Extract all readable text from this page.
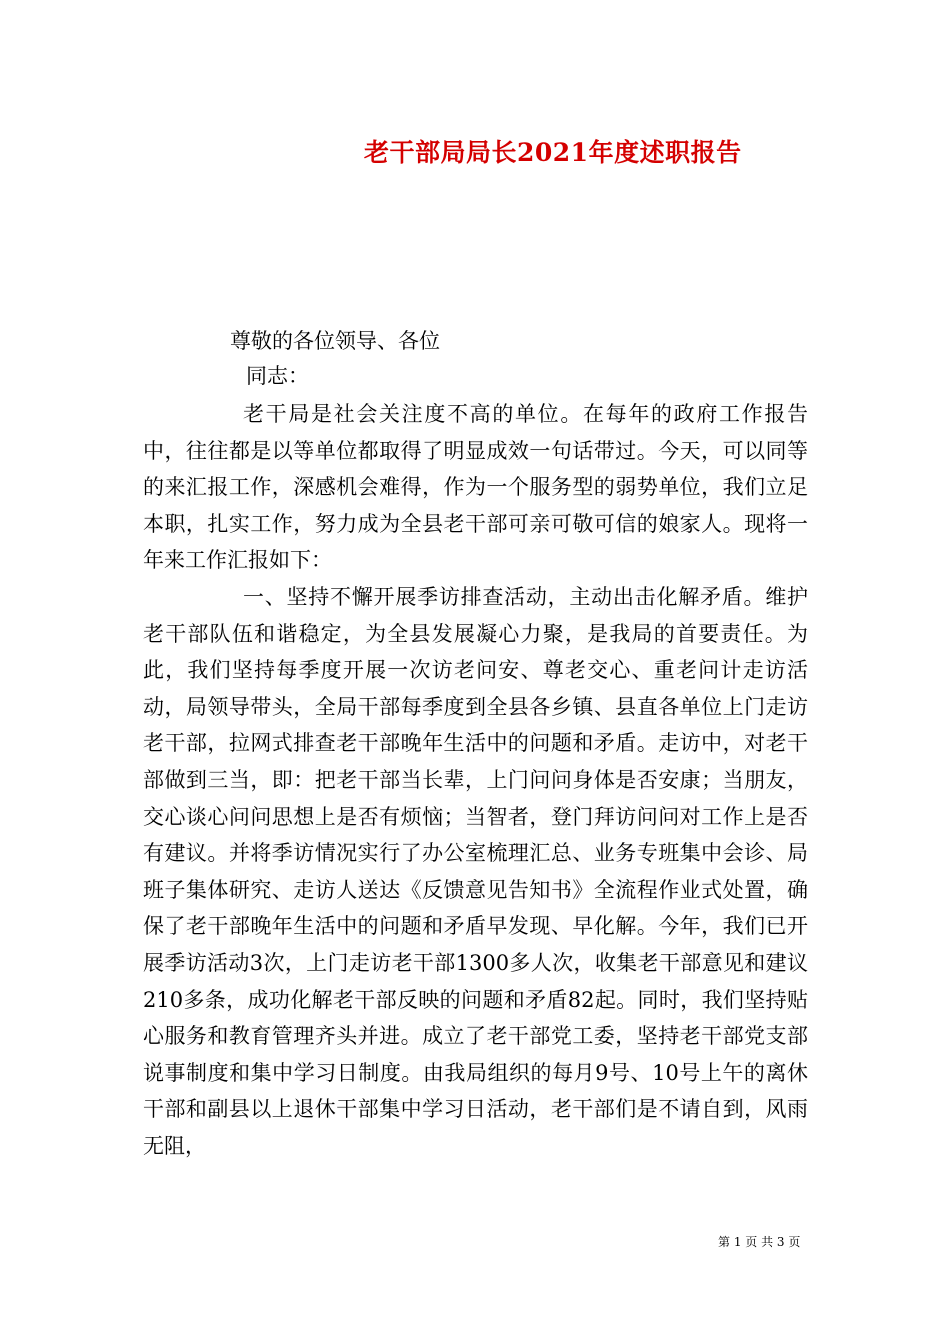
老干部局局长2021年度述职报告
尊敬的各位领导、各位
同志：

老干局是社会关注度不高的单位。在每年的政府工作报告中，往往都是以等单位都取得了明显成效一句话带过。今天，可以同等的来汇报工作，深感机会难得，作为一个服务型的弱势单位，我们立足本职，扎实工作，努力成为全县老干部可亲可敬可信的娘家人。现将一年来工作汇报如下：

一、坚持不懈开展季访排查活动，主动出击化解矛盾。维护老干部队伍和谐稳定，为全县发展凝心力聚，是我局的首要责任。为此，我们坚持每季度开展一次访老问安、尊老交心、重老问计走访活动，局领导带头，全局干部每季度到全县各乡镇、县直各单位上门走访老干部，拉网式排查老干部晚年生活中的问题和矛盾。走访中，对老干部做到三当，即：把老干部当长辈，上门问问身体是否安康；当朋友，交心谈心问问思想上是否有烦恼；当智者，登门拜访问问对工作上是否有建议。并将季访情况实行了办公室梳理汇总、业务专班集中会诊、局班子集体研究、走访人送达《反馈意见告知书》全流程作业式处置，确保了老干部晚年生活中的问题和矛盾早发现、早化解。今年，我们已开展季访活动3次，上门走访老干部1300多人次，收集老干部意见和建议210多条，成功化解老干部反映的问题和矛盾82起。同时，我们坚持贴心服务和教育管理齐头并进。成立了老干部党工委，坚持老干部党支部说事制度和集中学习日制度。由我局组织的每月9号、10号上午的离休干部和副县以上退休干部集中学习日活动，老干部们是不请自到，风雨无阻，

第 1 页 共 3 页
